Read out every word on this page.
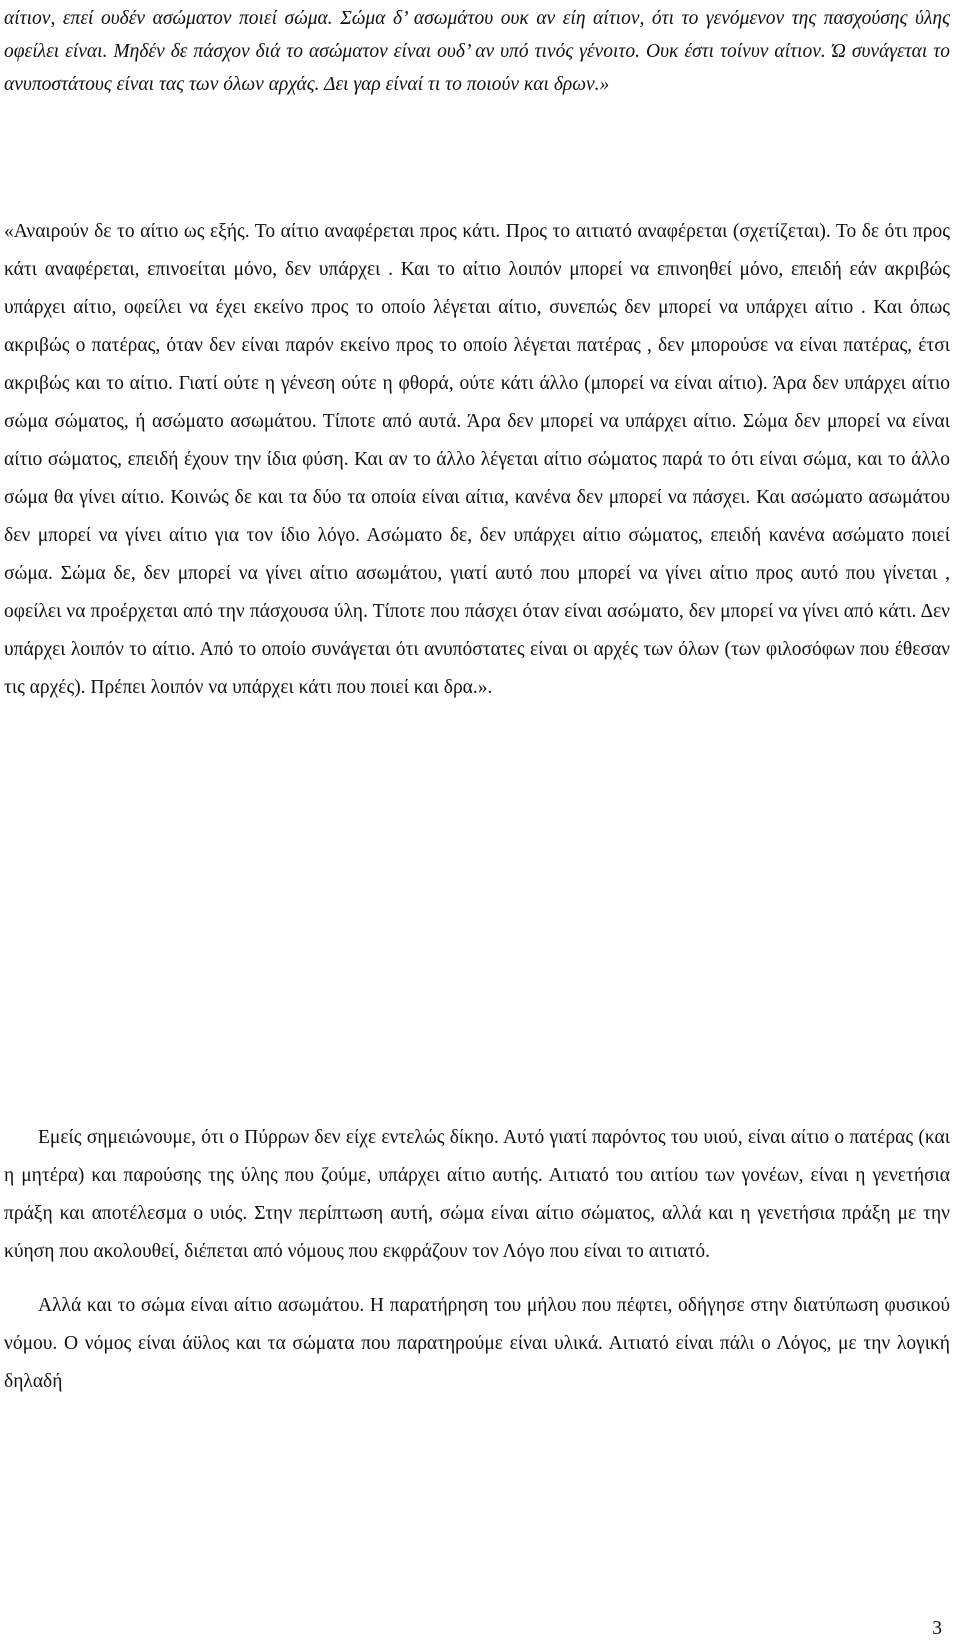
αίτιον, επεί ουδέν ασώματον ποιεί σώμα. Σώμα δ’ ασωμάτου ουκ αν είη αίτιον, ότι το γενόμενον της πασχούσης ύλης οφείλει είναι. Μηδέν δε πάσχον διά το ασώματον είναι ουδ’ αν υπό τινός γένοιτο. Ουκ έστι τοίνυν αίτιον. Ώ συνάγεται το ανυποστάτους είναι τας των όλων αρχάς. Δει γαρ είναί τι το ποιούν και δρων.»

«Αναιρούν δε το αίτιο ως εξής. Το αίτιο αναφέρεται προς κάτι. Προς το αιτιατό αναφέρεται (σχετίζεται). Το δε ότι προς κάτι αναφέρεται, επινοείται μόνο, δεν υπάρχει . Και το αίτιο λοιπόν μπορεί να επινοηθεί μόνο, επειδή εάν ακριβώς υπάρχει αίτιο, οφείλει να έχει εκείνο προς το οποίο λέγεται αίτιο, συνεπώς δεν μπορεί να υπάρχει αίτιο . Και όπως ακριβώς ο πατέρας, όταν δεν είναι παρόν εκείνο προς το οποίο λέγεται πατέρας , δεν μπορούσε να είναι πατέρας, έτσι ακριβώς και το αίτιο. Γιατί ούτε η γένεση ούτε η φθορά, ούτε κάτι άλλο (μπορεί να είναι αίτιο). Άρα δεν υπάρχει αίτιο σώμα σώματος, ή ασώματο ασωμάτου. Τίποτε από αυτά. Άρα δεν μπορεί να υπάρχει αίτιο. Σώμα δεν μπορεί να είναι αίτιο σώματος, επειδή έχουν την ίδια φύση. Και αν το άλλο λέγεται αίτιο σώματος παρά το ότι είναι σώμα, και το άλλο σώμα θα γίνει αίτιο. Κοινώς δε και τα δύο τα οποία είναι αίτια, κανένα δεν μπορεί να πάσχει. Και ασώματο ασωμάτου δεν μπορεί να γίνει αίτιο για τον ίδιο λόγο. Ασώματο δε, δεν υπάρχει αίτιο σώματος, επειδή κανένα ασώματο ποιεί σώμα. Σώμα δε, δεν μπορεί να γίνει αίτιο ασωμάτου, γιατί αυτό που μπορεί να γίνει αίτιο προς αυτό που γίνεται , οφείλει να προέρχεται από την πάσχουσα ύλη. Τίποτε που πάσχει όταν είναι ασώματο, δεν μπορεί να γίνει από κάτι. Δεν υπάρχει λοιπόν το αίτιο. Από το οποίο συνάγεται ότι ανυπόστατες είναι οι αρχές των όλων (των φιλοσόφων που έθεσαν τις αρχές). Πρέπει λοιπόν να υπάρχει κάτι που ποιεί και δρα.».

Εμείς σημειώνουμε, ότι ο Πύρρων δεν είχε εντελώς δίκηο. Αυτό γιατί παρόντος του υιού, είναι αίτιο ο πατέρας (και η μητέρα) και παρούσης της ύλης που ζούμε, υπάρχει αίτιο αυτής. Αιτιατό του αιτίου των γονέων, είναι η γενετήσια πράξη και αποτέλεσμα ο υιός. Στην περίπτωση αυτή, σώμα είναι αίτιο σώματος, αλλά και η γενετήσια πράξη με την κύηση που ακολουθεί, διέπεται από νόμους που εκφράζουν τον Λόγο που είναι το αιτιατό.

Αλλά και το σώμα είναι αίτιο ασωμάτου. Η παρατήρηση του μήλου που πέφτει, οδήγησε στην διατύπωση φυσικού νόμου. Ο νόμος είναι άϋλος και τα σώματα που παρατηρούμε είναι υλικά. Αιτιατό είναι πάλι ο Λόγος, με την λογική δηλαδή

3
